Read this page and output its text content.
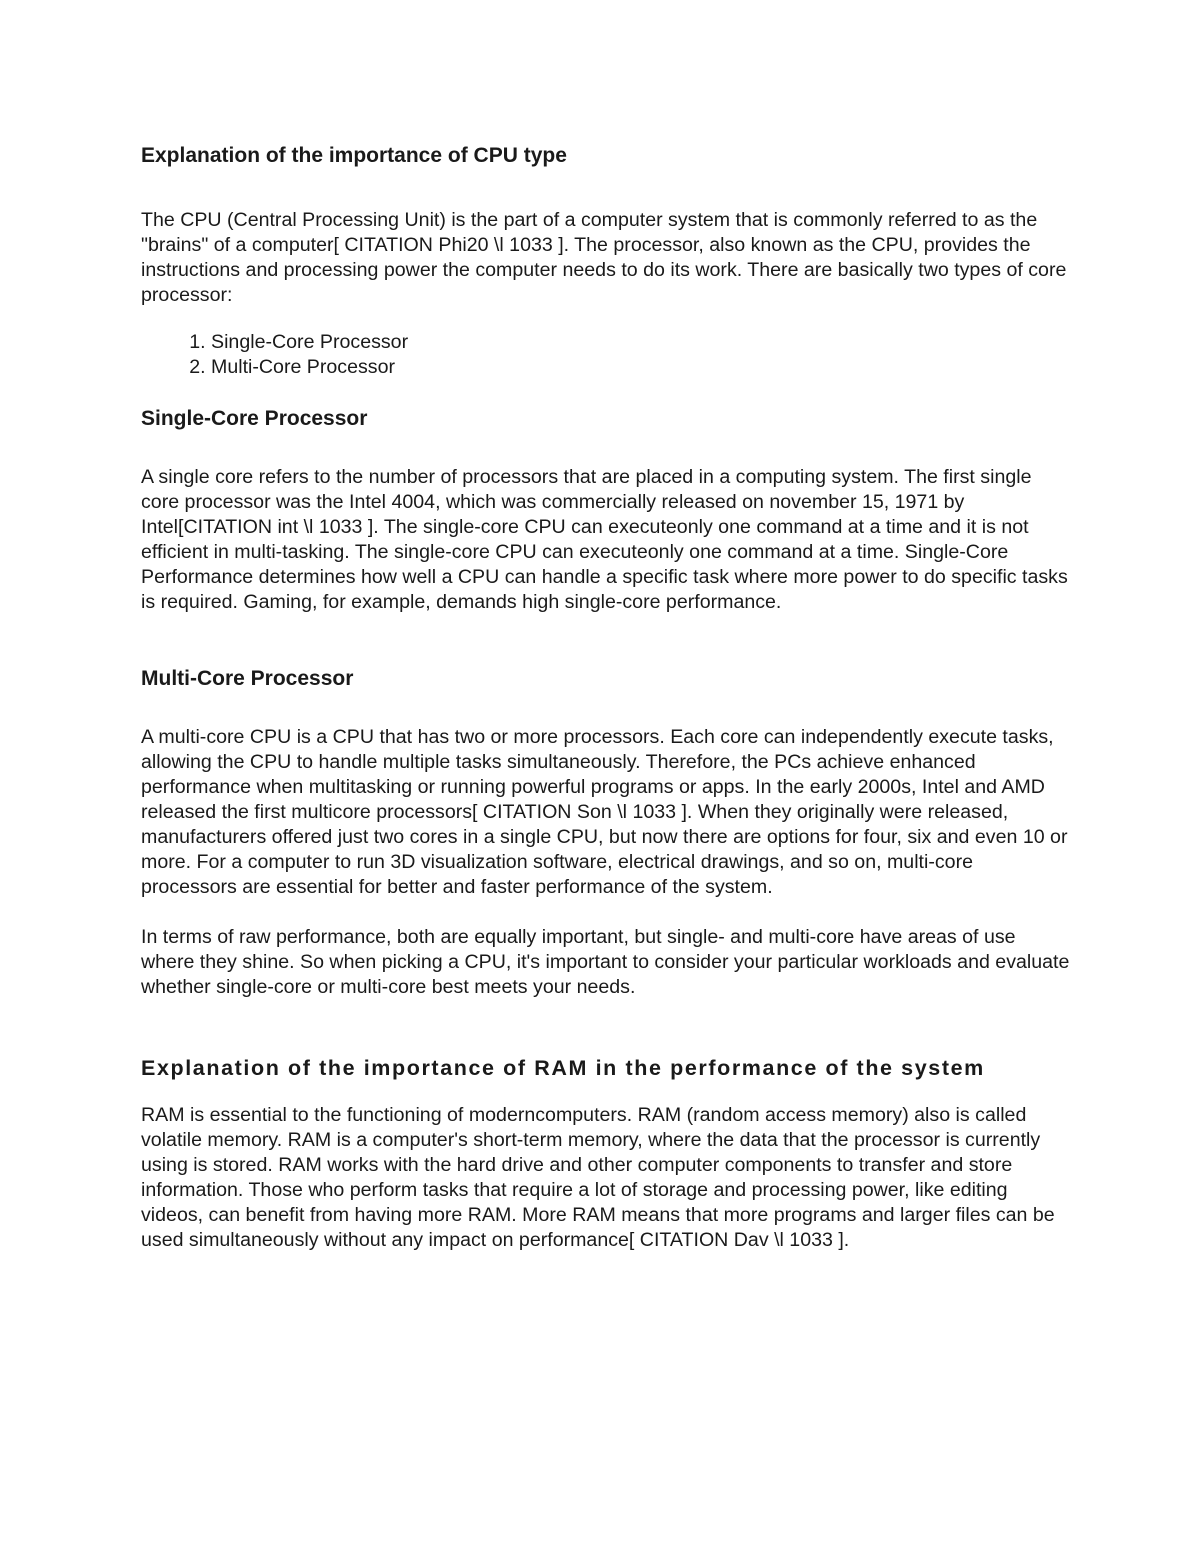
Explanation of the importance of CPU type

The CPU (Central Processing Unit) is the part of a computer system that is commonly referred to as the "brains" of a computer[ CITATION Phi20 \l 1033 ]. The processor, also known as the CPU, provides the instructions and processing power the computer needs to do its work. There are basically two types of core processor:

1. Single-Core Processor
2. Multi-Core Processor
Single-Core Processor

A single core refers to the number of processors that are placed in a computing system. The first single core processor was the Intel 4004, which was commercially released on november 15, 1971 by Intel[CITATION int \l 1033 ]. The single-core CPU can executeonly one command at a time and it is not efficient in multi-tasking. The single-core CPU can executeonly one command at a time. Single-Core Performance determines how well a CPU can handle a specific task where more power to do specific tasks is required. Gaming, for example, demands high single-core performance.

Multi-Core Processor

A multi-core CPU is a CPU that has two or more processors. Each core can independently execute tasks, allowing the CPU to handle multiple tasks simultaneously. Therefore, the PCs achieve enhanced performance when multitasking or running powerful programs or apps. In the early 2000s, Intel and AMD released the first multicore processors[ CITATION Son \l 1033 ]. When they originally were released, manufacturers offered just two cores in a single CPU, but now there are options for four, six and even 10 or more. For a computer to run 3D visualization software, electrical drawings, and so on, multi-core processors are essential for better and faster performance of the system.

In terms of raw performance, both are equally important, but single- and multi-core have areas of use where they shine. So when picking a CPU, it's important to consider your particular workloads and evaluate whether single-core or multi-core best meets your needs.

Explanation of the importance of RAM in the performance of the system

RAM is essential to the functioning of moderncomputers. RAM (random access memory) also is called volatile memory. RAM is a computer's short-term memory, where the data that the processor is currently using is stored. RAM works with the hard drive and other computer components to transfer and store information. Those who perform tasks that require a lot of storage and processing power, like editing videos, can benefit from having more RAM. More RAM means that more programs and larger files can be used simultaneously without any impact on performance[ CITATION Dav \l 1033 ].
